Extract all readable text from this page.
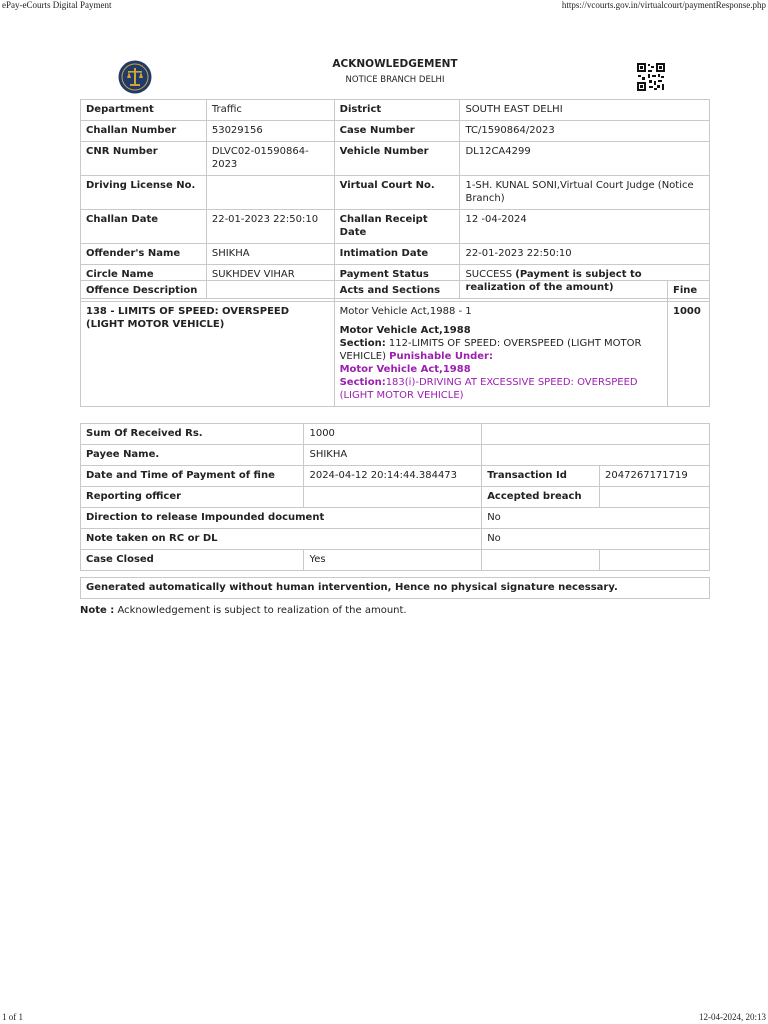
ePay-eCourts Digital Payment	https://vcourts.gov.in/virtualcourt/paymentResponse.php
ACKNOWLEDGEMENT
NOTICE BRANCH DELHI
Department	Traffic	District	SOUTH EAST DELHI
Challan Number	53029156	Case Number	TC/1590864/2023
CNR Number	DLVC02-01590864-2023	Vehicle Number	DL12CA4299
Driving License No.		Virtual Court No.	1-SH. KUNAL SONI,Virtual Court Judge (Notice Branch)
Challan Date	22-01-2023 22:50:10	Challan Receipt Date	12 -04-2024
Offender's Name	SHIKHA	Intimation Date	22-01-2023 22:50:10
Circle Name	SUKHDEV VIHAR	Payment Status	SUCCESS (Payment is subject to realization of the amount)
Offence Description	Acts and Sections	Fine
138 - LIMITS OF SPEED: OVERSPEED (LIGHT MOTOR VEHICLE)	Motor Vehicle Act,1988 - 1
Motor Vehicle Act,1988
Section: 112-LIMITS OF SPEED: OVERSPEED (LIGHT MOTOR VEHICLE) Punishable Under:
Motor Vehicle Act,1988
Section:183(i)-DRIVING AT EXCESSIVE SPEED: OVERSPEED (LIGHT MOTOR VEHICLE)	1000
Sum Of Received Rs.	1000		
Payee Name.	SHIKHA		
Date and Time of Payment of fine	2024-04-12 20:14:44.384473	Transaction Id	2047267171719
Reporting officer		Accepted breach	
Direction to release Impounded document		No	
Note taken on RC or DL		No	
Case Closed	Yes		
Generated automatically without human intervention, Hence no physical signature necessary.
Note : Acknowledgement is subject to realization of the amount.
1 of 1	12-04-2024, 20:13
